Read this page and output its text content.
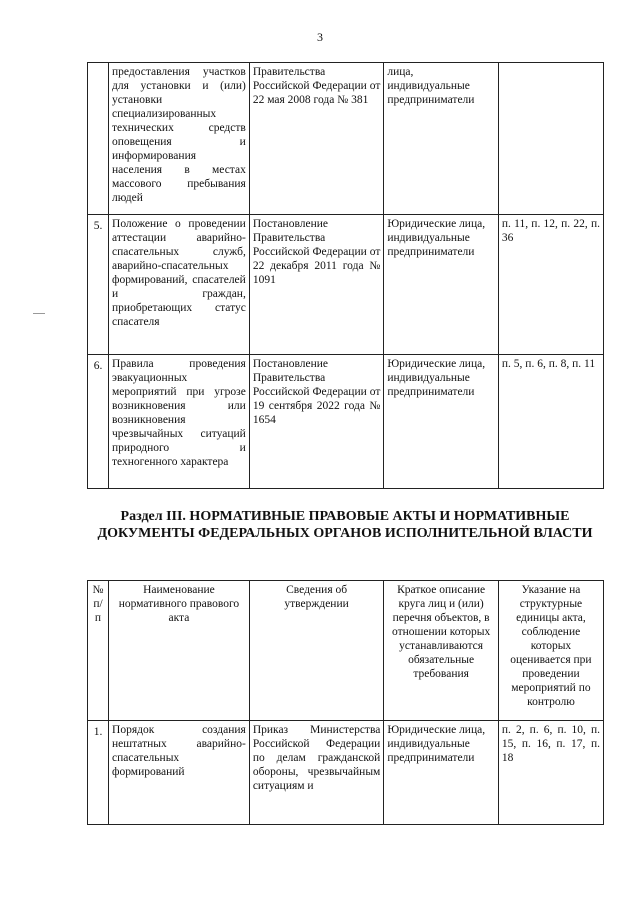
3
	предоставления участков для установки и (или) установки специализированных технических средств оповещения и информирования населения в местах массового пребывания людей	Правительства Российской Федерации от 22 мая 2008 года № 381	лица, индивидуальные предприниматели	
5.	Положение о проведении аттестации аварийно-спасательных служб, аварийно-спасательных формирований, спасателей и граждан, приобретающих статус спасателя	Постановление Правительства Российской Федерации от 22 декабря 2011 года № 1091	Юридические лица, индивидуальные предприниматели	п. 11, п. 12, п. 22, п. 36
6.	Правила проведения эвакуационных мероприятий при угрозе возникновения или возникновения чрезвычайных ситуаций природного и техногенного характера	Постановление Правительства Российской Федерации от 19 сентября 2022 года № 1654	Юридические лица, индивидуальные предприниматели	п. 5, п. 6, п. 8, п. 11
Раздел III. НОРМАТИВНЫЕ ПРАВОВЫЕ АКТЫ И НОРМАТИВНЫЕ ДОКУМЕНТЫ ФЕДЕРАЛЬНЫХ ОРГАНОВ ИСПОЛНИТЕЛЬНОЙ ВЛАСТИ
№ п/п	Наименование нормативного правового акта	Сведения об утверждении	Краткое описание круга лиц и (или) перечня объектов, в отношении которых устанавливаются обязательные требования	Указание на структурные единицы акта, соблюдение которых оценивается при проведении мероприятий по контролю
1.	Порядок создания нештатных аварийно-спасательных формирований	Приказ Министерства Российской Федерации по делам гражданской обороны, чрезвычайным ситуациям и	Юридические лица, индивидуальные предприниматели	п. 2, п. 6, п. 10, п. 15, п. 16, п. 17, п. 18
